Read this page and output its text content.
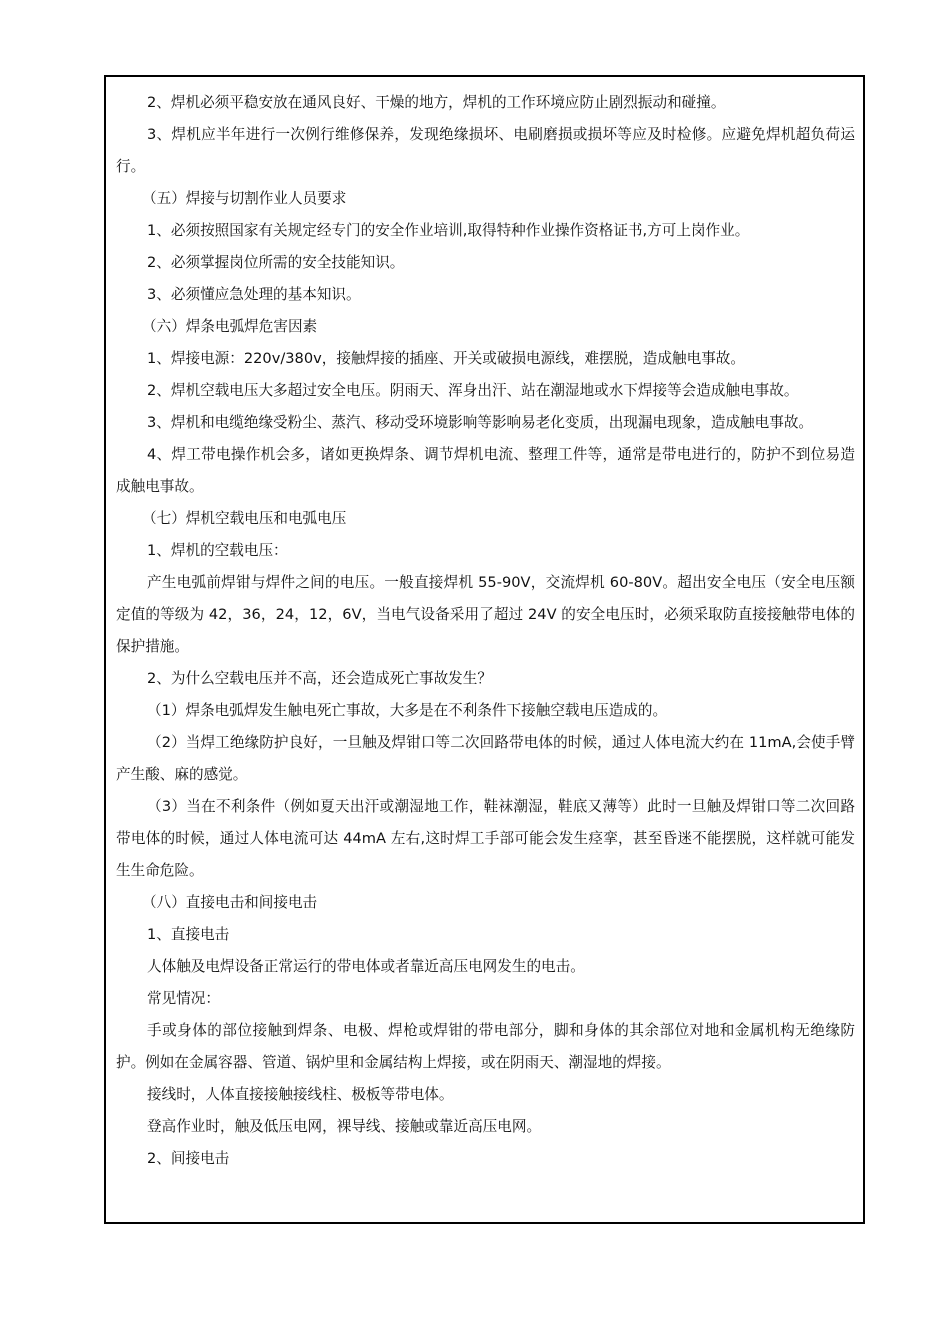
2、焊机必须平稳安放在通风良好、干燥的地方，焊机的工作环境应防止剧烈振动和碰撞。

3、焊机应半年进行一次例行维修保养，发现绝缘损坏、电刷磨损或损坏等应及时检修。应避免焊机超负荷运行。

（五）焊接与切割作业人员要求

1、必须按照国家有关规定经专门的安全作业培训,取得特种作业操作资格证书,方可上岗作业。

2、必须掌握岗位所需的安全技能知识。

3、必须懂应急处理的基本知识。

（六）焊条电弧焊危害因素

1、焊接电源：220v/380v，接触焊接的插座、开关或破损电源线，难摆脱，造成触电事故。

2、焊机空载电压大多超过安全电压。阴雨天、浑身出汗、站在潮湿地或水下焊接等会造成触电事故。

3、焊机和电缆绝缘受粉尘、蒸汽、移动受环境影响等影响易老化变质，出现漏电现象，造成触电事故。

4、焊工带电操作机会多，诸如更换焊条、调节焊机电流、整理工件等，通常是带电进行的，防护不到位易造成触电事故。

（七）焊机空载电压和电弧电压

1、焊机的空载电压：

产生电弧前焊钳与焊件之间的电压。一般直接焊机 55-90V，交流焊机 60-80V。超出安全电压（安全电压额定值的等级为 42，36，24，12，6V，当电气设备采用了超过 24V 的安全电压时，必须采取防直接接触带电体的保护措施。

2、为什么空载电压并不高，还会造成死亡事故发生？

（1）焊条电弧焊发生触电死亡事故，大多是在不利条件下接触空载电压造成的。

（2）当焊工绝缘防护良好，一旦触及焊钳口等二次回路带电体的时候，通过人体电流大约在 11mA,会使手臂产生酸、麻的感觉。

（3）当在不利条件（例如夏天出汗或潮湿地工作，鞋袜潮湿，鞋底又薄等）此时一旦触及焊钳口等二次回路带电体的时候，通过人体电流可达 44mA 左右,这时焊工手部可能会发生痉挛，甚至昏迷不能摆脱，这样就可能发生生命危险。

（八）直接电击和间接电击

1、直接电击

人体触及电焊设备正常运行的带电体或者靠近高压电网发生的电击。

常见情况：

手或身体的部位接触到焊条、电极、焊枪或焊钳的带电部分，脚和身体的其余部位对地和金属机构无绝缘防护。例如在金属容器、管道、锅炉里和金属结构上焊接，或在阴雨天、潮湿地的焊接。

接线时，人体直接接触接线柱、极板等带电体。

登高作业时，触及低压电网，裸导线、接触或靠近高压电网。

2、间接电击
